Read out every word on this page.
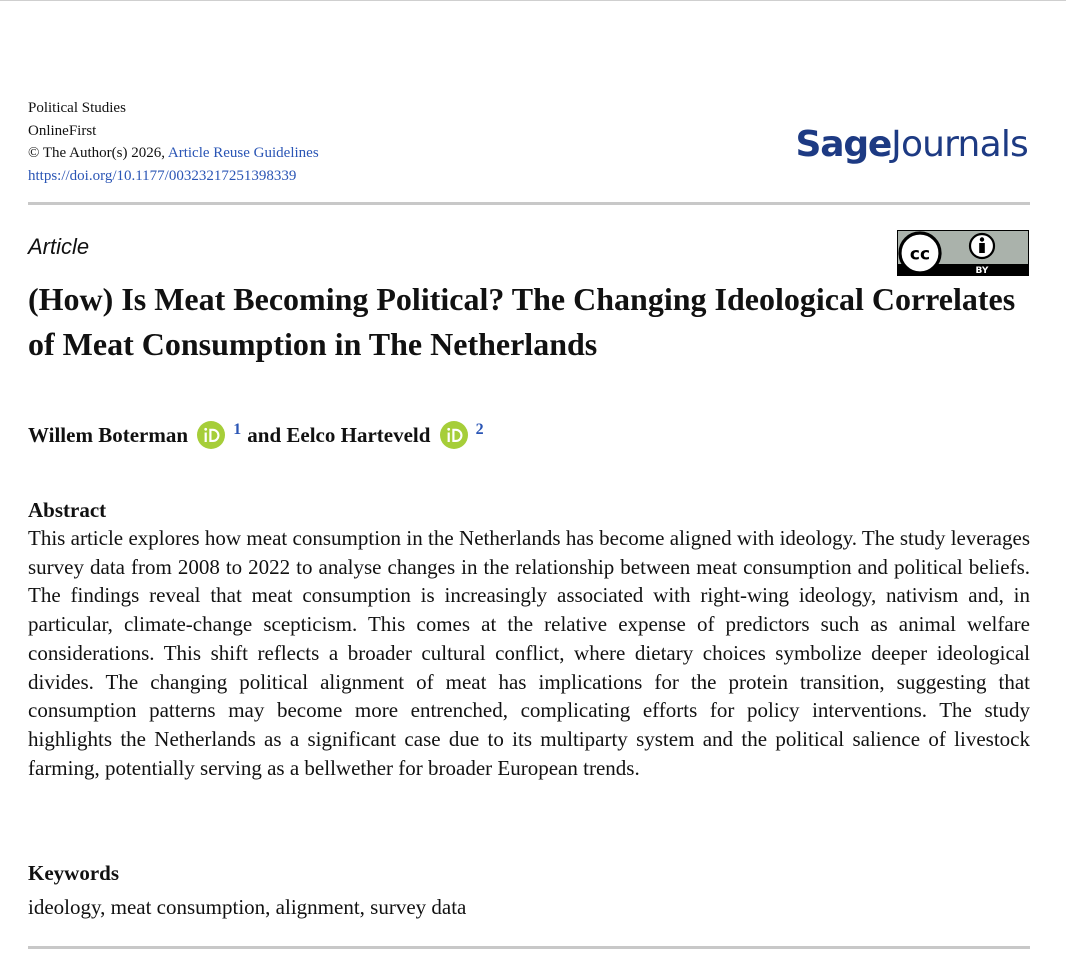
Political Studies
OnlineFirst
© The Author(s) 2026, Article Reuse Guidelines
https://doi.org/10.1177/00323217251398339
SageJournals
Article	cc
BY
(How) Is Meat Becoming Political? The Changing Ideological Correlates of Meat Consumption in The Netherlands
Willem Boterman	$^1$ and Eelco Harteveld	$^2$
Abstract

This article explores how meat consumption in the Netherlands has become aligned with ideology. The study leverages survey data from 2008 to 2022 to analyse changes in the relationship between meat consumption and political beliefs. The findings reveal that meat consumption is increasingly associated with right-wing ideology, nativism and, in particular, climate-change scepticism. This comes at the relative expense of predictors such as animal welfare considerations. This shift reflects a broader cultural conflict, where dietary choices symbolize deeper ideological divides. The changing political alignment of meat has implications for the protein transition, suggesting that consumption patterns may become more entrenched, complicating efforts for policy interventions. The study highlights the Netherlands as a significant case due to its multiparty system and the political salience of livestock farming, potentially serving as a bellwether for broader European trends.

Keywords
ideology, meat consumption, alignment, survey data
